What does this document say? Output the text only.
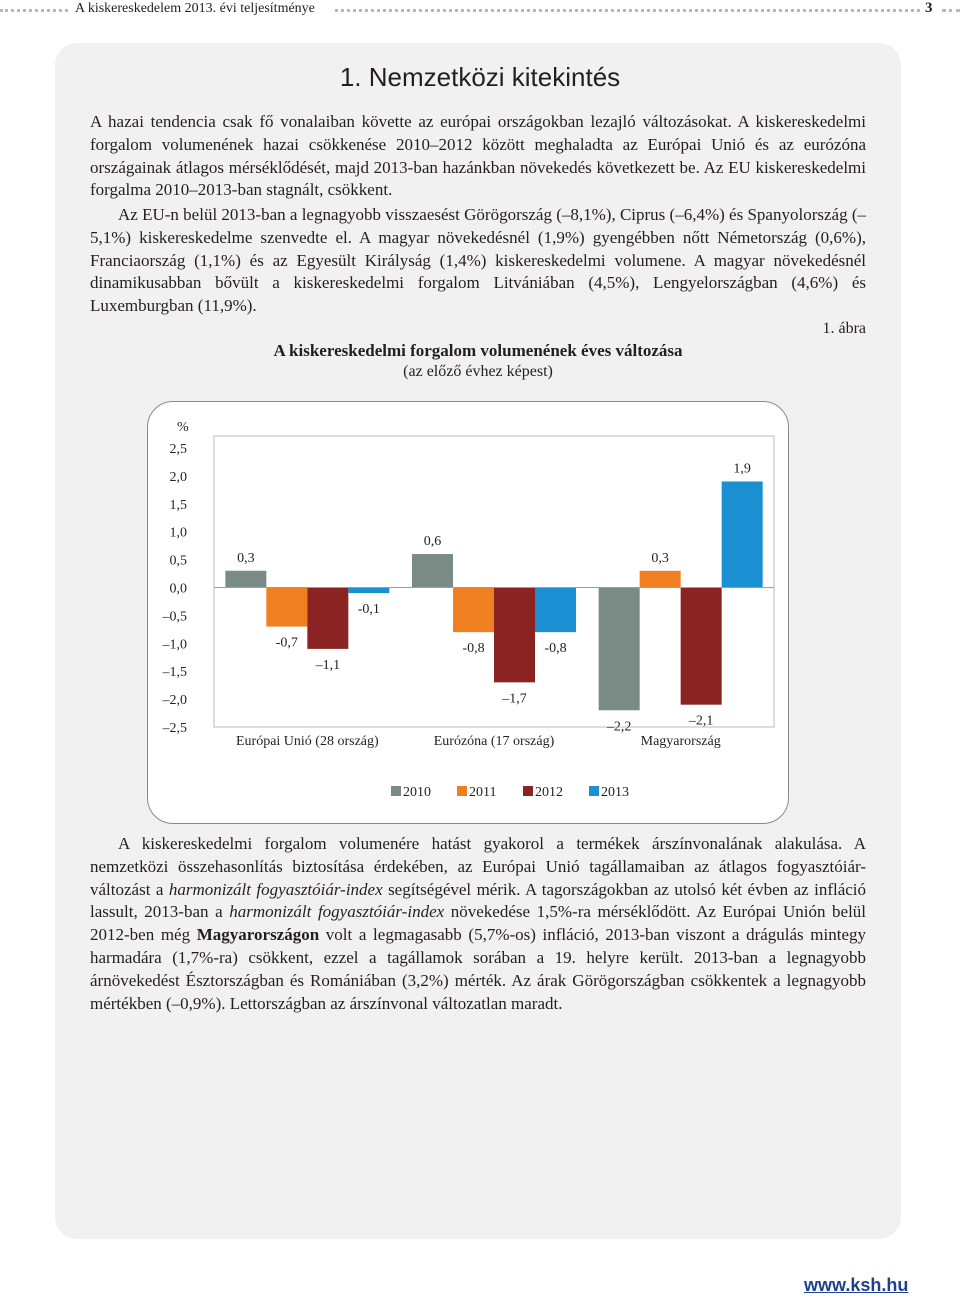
A kiskereskedelem 2013. évi teljesítménye	3
1. Nemzetközi kitekintés

A hazai tendencia csak fő vonalaiban követte az európai országokban lezajló változásokat. A kiskereskedelmi forgalom volumenének hazai csökkenése 2010–2012 között meghaladta az Európai Unió és az eurózóna országainak átlagos mérséklődését, majd 2013-ban hazánkban növekedés következett be. Az EU kiskereskedelmi forgalma 2010–2013-ban stagnált, csökkent.

Az EU-n belül 2013-ban a legnagyobb visszaesést Görögország (–8,1%), Ciprus (–6,4%) és Spanyolország (–5,1%) kiskereskedelme szenvedte el. A magyar növekedésnél (1,9%) gyengébben nőtt Németország (0,6%), Franciaország (1,1%) és az Egyesült Királyság (1,4%) kiskereskedelmi volumene. A magyar növekedésnél dinamikusabban bővült a kiskereskedelmi forgalom Litvániában (4,5%), Lengyelországban (4,6%) és Luxemburgban (11,9%).

1. ábra
A kiskereskedelmi forgalom volumenének éves változása
(az előző évhez képest)
%
2,5
2,0
1,5
1,0
0,5
0,0
–0,5
–1,0
–1,5
–2,0
–2,5
0,3
-0,7
–1,1
-0,1
Európai Unió (28 ország)
0,6
-0,8
–1,7
-0,8
Eurózóna (17 ország)
–2,2
0,3
–2,1
1,9
Magyarország
2010	2011	2012	2013

A kiskereskedelmi forgalom volumenére hatást gyakorol a termékek árszínvonalának alakulása. A nemzetközi összehasonlítás biztosítása érdekében, az Európai Unió tagállamaiban az átlagos fogyasztóiár-változást a harmonizált fogyasztóiár-index segítségével mérik. A tagországokban az utolsó két évben az infláció lassult, 2013-ban a harmonizált fogyasztóiár-index növekedése 1,5%-ra mérséklődött. Az Európai Unión belül 2012-ben még Magyarországon volt a legmagasabb (5,7%-os) infláció, 2013-ban viszont a drágulás mintegy harmadára (1,7%-ra) csökkent, ezzel a tagállamok sorában a 19. helyre került. 2013-ban a legnagyobb árnövekedést Észtországban és Romániában (3,2%) mérték. Az árak Görögországban csökkentek a legnagyobb mértékben (–0,9%). Lettországban az árszínvonal változatlan maradt.

www.ksh.hu
